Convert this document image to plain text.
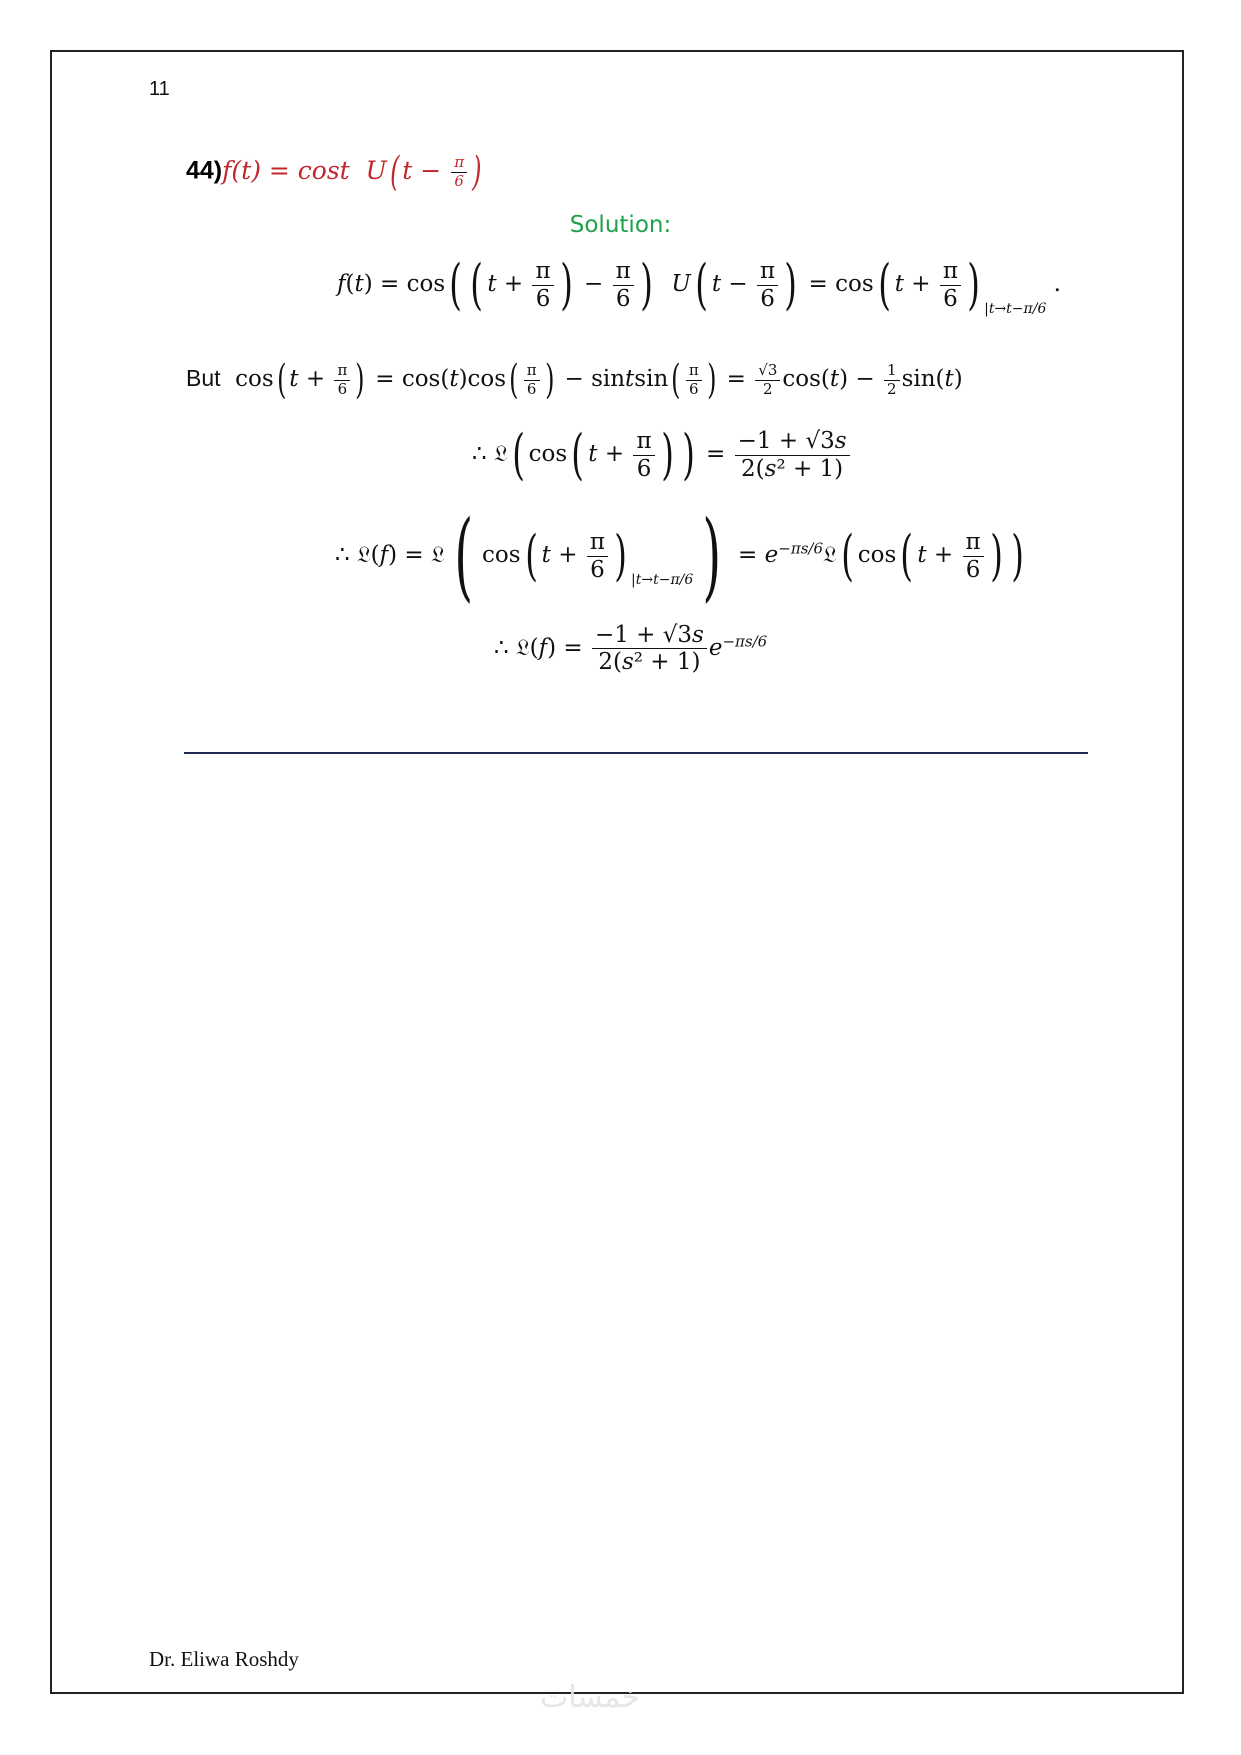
11
44)f(t) = cost  U( $t - \frac{\pi}{6}$ )
Solution:
f(t) = cos( ( $t + \frac{\pi}{6}$ ) − $\frac{\pi}{6}$ ) U( $t - \frac{\pi}{6}$ ) = cos( $t + \frac{\pi}{6}$ ) $_{|t\to t-\pi/6}$ .
But  cos( $t + \frac{\pi}{6}$ ) = $\cos(t)\cos( \frac{\pi}{6}$ ) − sintsin( $\frac{\pi}{6}$ ) = $\frac{√3}{2} \cos(t) - \frac{1}{2} \sin(t)$
∴ 𝔏( cos( $t + \frac{\pi}{6}$ ) ) = $\frac{-1 + √3s}{\text{2(s² + 1)}}$
∴ 𝔏(f) = 𝔏( cos( $t + \frac{\pi}{6}$ ) $_{|t\to t-\pi/6}) = e^{-\pi s/6}𝔏$( cos( $t + \frac{\pi}{6}$ ) )
∴ 𝔏(f) = $\frac{-1 + √3s}{\text{2(s² + 1)}} e^{-\pi s/6}$
Dr. Eliwa Roshdy
خمسات
